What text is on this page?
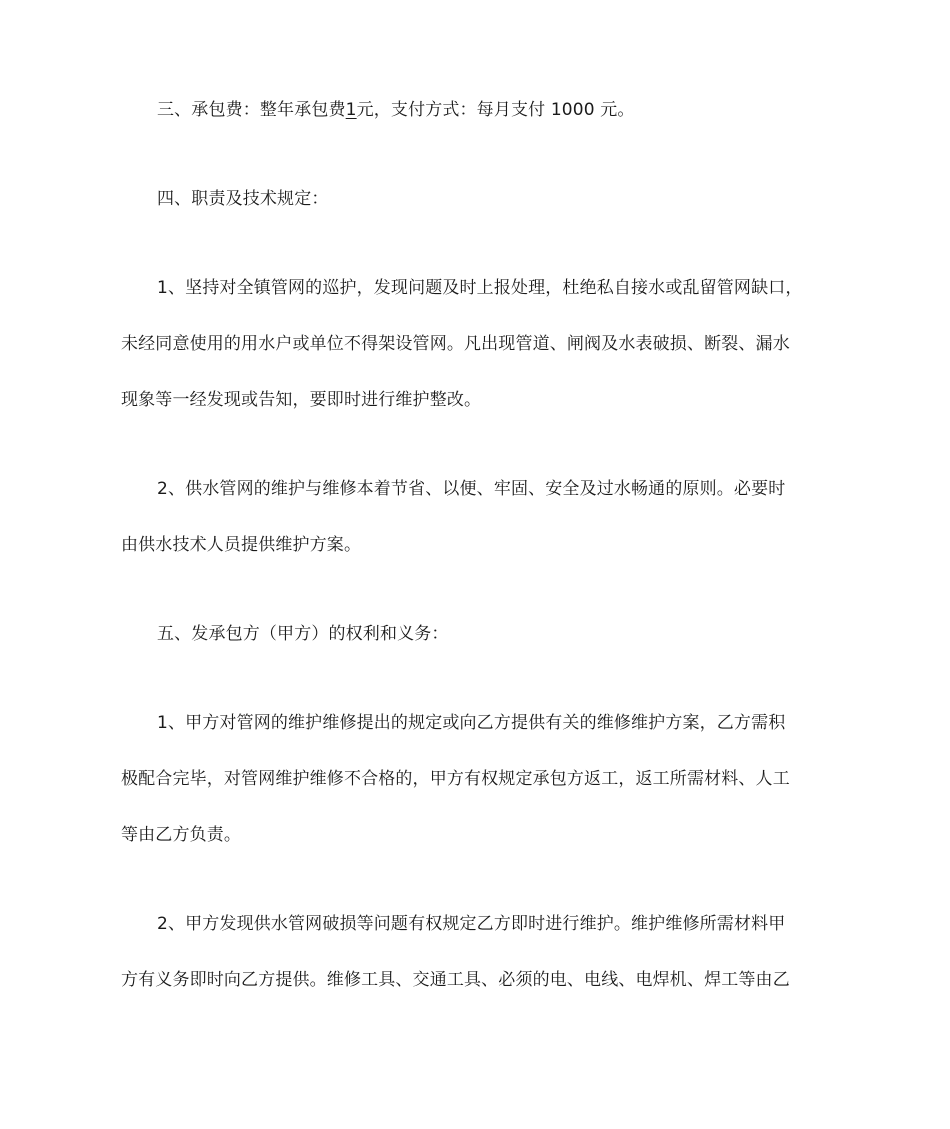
三、承包费：整年承包费1元，支付方式：每月支付 1000 元。
四、职责及技术规定：
1、坚持对全镇管网的巡护，发现问题及时上报处理，杜绝私自接水或乱留管网缺口，
未经同意使用的用水户或单位不得架设管网。凡出现管道、闸阀及水表破损、断裂、漏水
现象等一经发现或告知，要即时进行维护整改。
2、供水管网的维护与维修本着节省、以便、牢固、安全及过水畅通的原则。必要时
由供水技术人员提供维护方案。
五、发承包方（甲方）的权利和义务：
1、甲方对管网的维护维修提出的规定或向乙方提供有关的维修维护方案，乙方需积
极配合完毕，对管网维护维修不合格的，甲方有权规定承包方返工，返工所需材料、人工
等由乙方负责。
2、甲方发现供水管网破损等问题有权规定乙方即时进行维护。维护维修所需材料甲
方有义务即时向乙方提供。维修工具、交通工具、必须的电、电线、电焊机、焊工等由乙
